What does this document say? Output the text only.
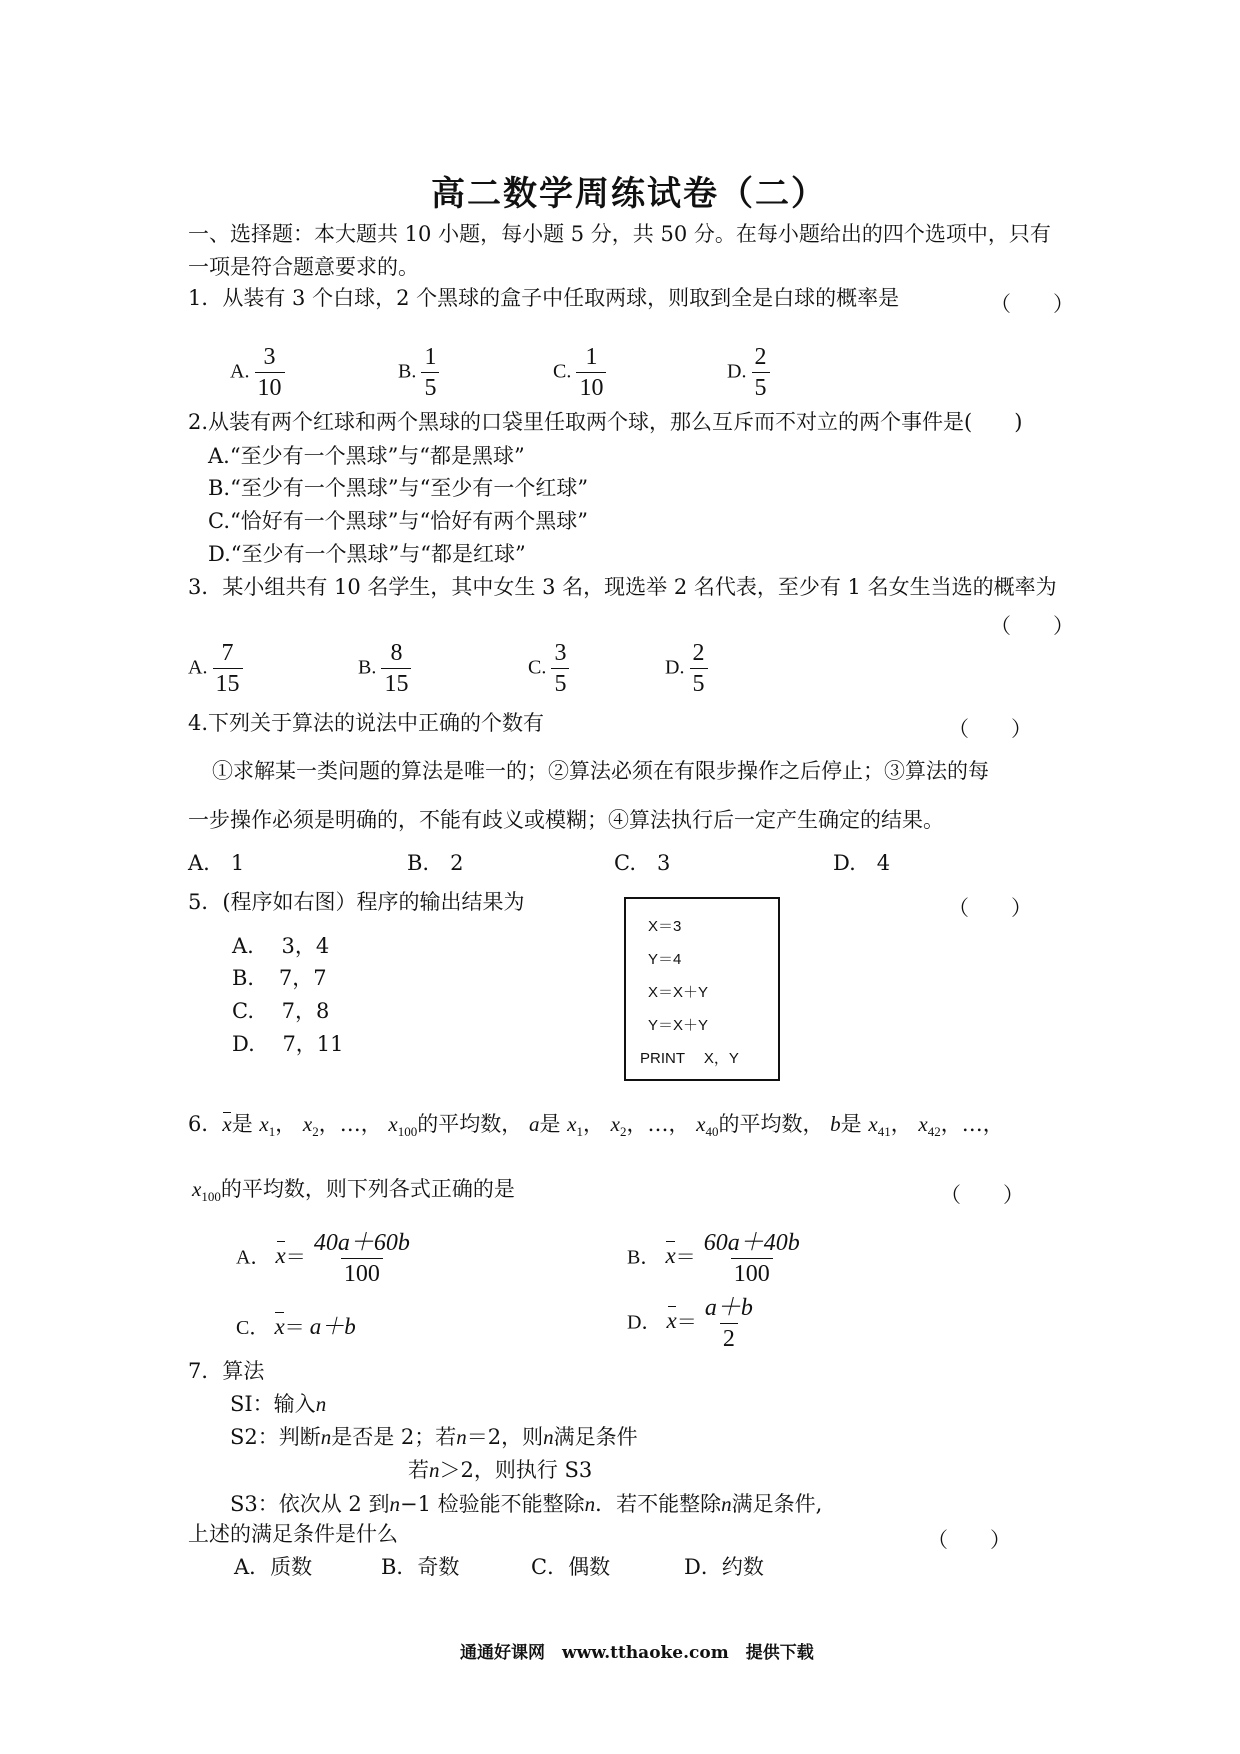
高二数学周练试卷（二）
一、选择题：本大题共 10 小题，每小题 5 分，共 50 分。在每小题给出的四个选项中，只有
一项是符合题意要求的。
1．从装有 3 个白球，2 个黑球的盒子中任取两球，则取到全是白球的概率是	（　　）
A. $\frac{3}{10}$	B. $\frac{1}{5}$	C. $\frac{1}{10}$	D. $\frac{2}{5}$
2.从装有两个红球和两个黑球的口袋里任取两个球，那么互斥而不对立的两个事件是(　　)
A.“至少有一个黑球”与“都是黑球”
B.“至少有一个黑球”与“至少有一个红球”
C.“恰好有一个黑球”与“恰好有两个黑球”
D.“至少有一个黑球”与“都是红球”
3．某小组共有 10 名学生，其中女生 3 名，现选举 2 名代表，至少有 1 名女生当选的概率为
（　　）
A. $\frac{7}{15}$	B. $\frac{8}{15}$	C. $\frac{3}{5}$	D. $\frac{2}{5}$
4.下列关于算法的说法中正确的个数有	（　　）
①求解某一类问题的算法是唯一的；②算法必须在有限步操作之后停止；③算法的每
一步操作必须是明确的，不能有歧义或模糊；④算法执行后一定产生确定的结果。
A.　1	B.　2	C.　3	D.　4
5．(程序如右图）程序的输出结果为	（　　）
A.　 3，4
B．　7，7
C.　 7，8
D.　 7，11
X＝3
Y＝4
X＝X＋Y
Y＝X＋Y
PRINT　 X，Y
6．x是 $x_1$， $x_2$，…， $x_{100}$的平均数， a是 $x_1$， $x_2$，…， $x_{40}$的平均数， b是 $x_{41}$， $x_{42}$，…，
$x_{100}$的平均数，则下列各式正确的是	（　　）
A． $x= \frac{40a+60b}{100}$	B． $x= \frac{60a+40b}{100}$
C． x＝ a＋b	D． $x= \frac{a+b}{2}$
7．算法
SI：输入n
S2：判断n是否是 2；若n＝2，则n满足条件
若n＞2，则执行 S3
S3：依次从 2 到n−1 检验能不能整除n．若不能整除n满足条件,
上述的满足条件是什么	（　　）
A．质数	B．奇数	C．偶数	D．约数
通通好课网　www.tthaoke.com　提供下载
